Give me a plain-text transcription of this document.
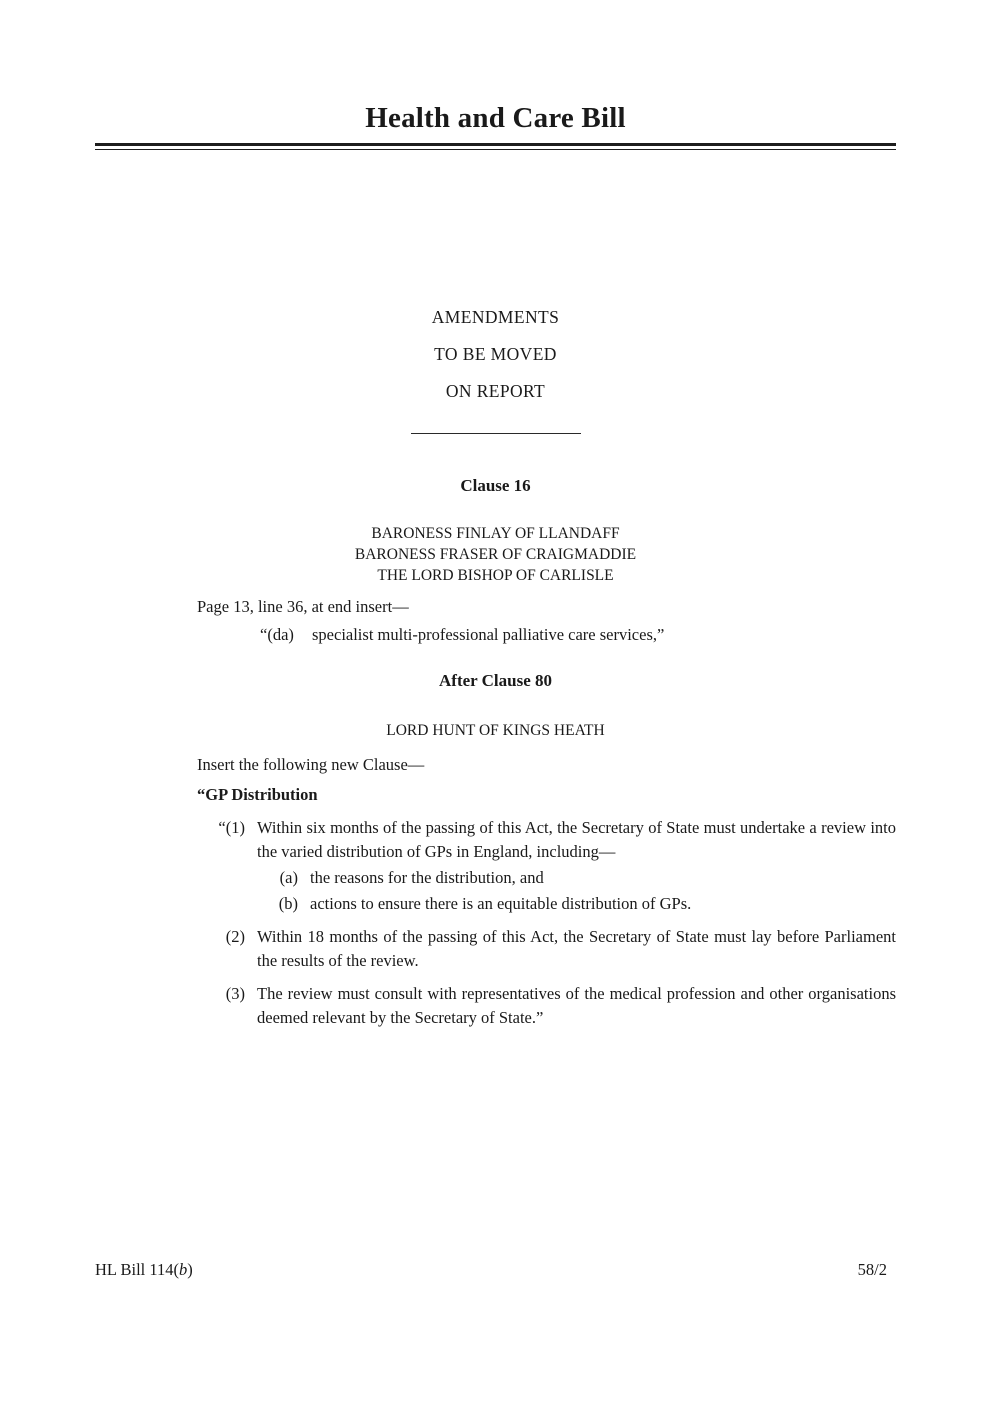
Health and Care Bill
AMENDMENTS
TO BE MOVED
ON REPORT
Clause 16
BARONESS FINLAY OF LLANDAFF
BARONESS FRASER OF CRAIGMADDIE
THE LORD BISHOP OF CARLISLE
Page 13, line 36, at end insert—
“(da) specialist multi-professional palliative care services,”
After Clause 80
LORD HUNT OF KINGS HEATH
Insert the following new Clause—
“GP Distribution
“(1) Within six months of the passing of this Act, the Secretary of State must undertake a review into the varied distribution of GPs in England, including—
(a) the reasons for the distribution, and
(b) actions to ensure there is an equitable distribution of GPs.
(2) Within 18 months of the passing of this Act, the Secretary of State must lay before Parliament the results of the review.
(3) The review must consult with representatives of the medical profession and other organisations deemed relevant by the Secretary of State.”
HL Bill 114(b)	58/2
